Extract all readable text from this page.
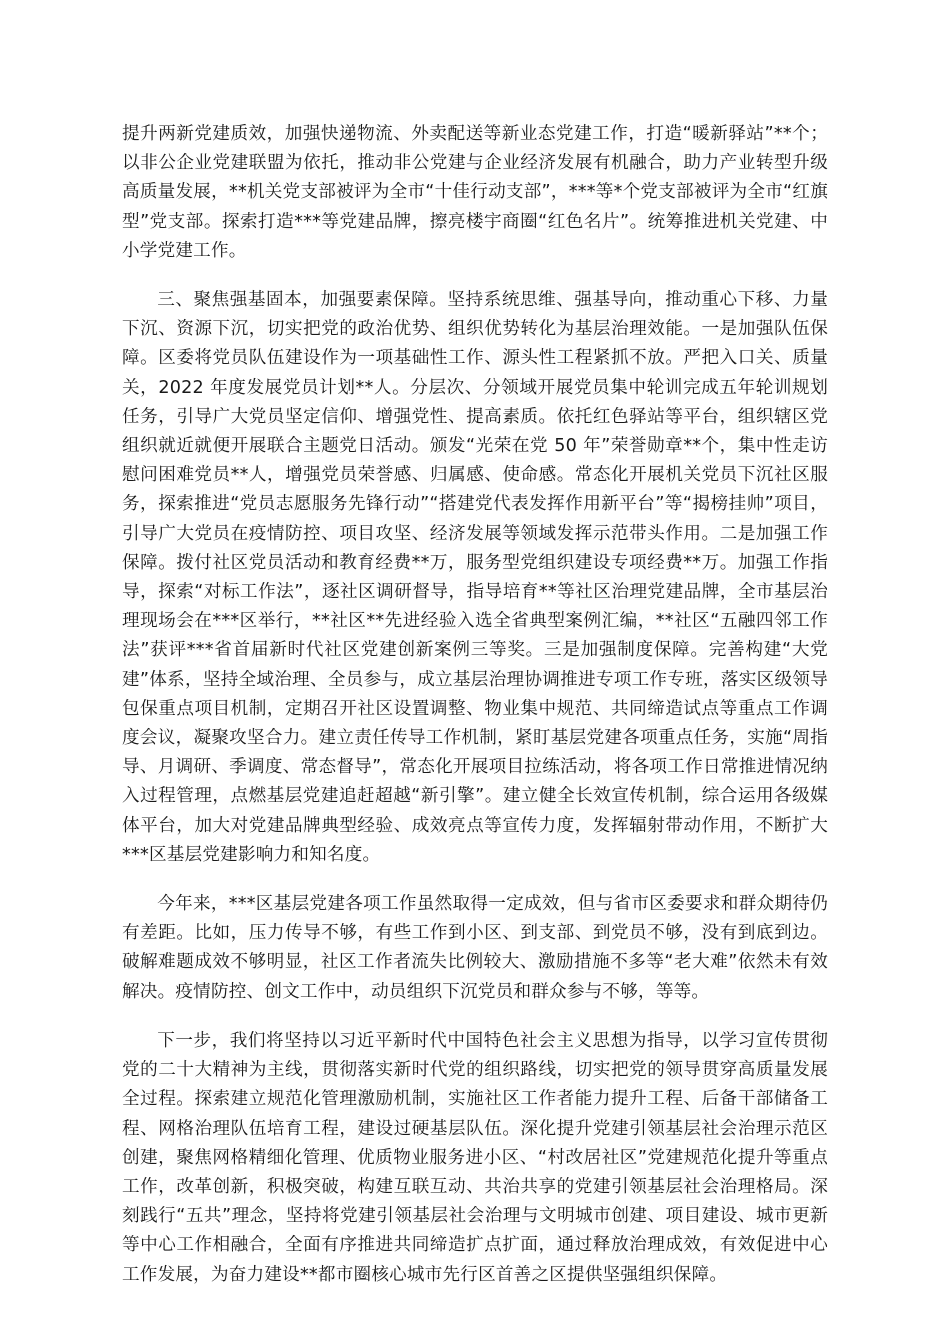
提升两新党建质效，加强快递物流、外卖配送等新业态党建工作，打造“暖新驿站”**个；以非公企业党建联盟为依托，推动非公党建与企业经济发展有机融合，助力产业转型升级高质量发展，**机关党支部被评为全市“十佳行动支部”，***等*个党支部被评为全市“红旗型”党支部。探索打造***等党建品牌，擦亮楼宇商圈“红色名片”。统筹推进机关党建、中小学党建工作。

三、聚焦强基固本，加强要素保障。坚持系统思维、强基导向，推动重心下移、力量下沉、资源下沉，切实把党的政治优势、组织优势转化为基层治理效能。一是加强队伍保障。区委将党员队伍建设作为一项基础性工作、源头性工程紧抓不放。严把入口关、质量关，2022 年度发展党员计划**人。分层次、分领域开展党员集中轮训完成五年轮训规划任务，引导广大党员坚定信仰、增强党性、提高素质。依托红色驿站等平台，组织辖区党组织就近就便开展联合主题党日活动。颁发“光荣在党 50 年”荣誉勋章**个，集中性走访慰问困难党员**人，增强党员荣誉感、归属感、使命感。常态化开展机关党员下沉社区服务，探索推进“党员志愿服务先锋行动”“搭建党代表发挥作用新平台”等“揭榜挂帅”项目，引导广大党员在疫情防控、项目攻坚、经济发展等领域发挥示范带头作用。二是加强工作保障。拨付社区党员活动和教育经费**万，服务型党组织建设专项经费**万。加强工作指导，探索“对标工作法”，逐社区调研督导，指导培育**等社区治理党建品牌，全市基层治理现场会在***区举行，**社区**先进经验入选全省典型案例汇编，**社区“五融四邻工作法”获评***省首届新时代社区党建创新案例三等奖。三是加强制度保障。完善构建“大党建”体系，坚持全域治理、全员参与，成立基层治理协调推进专项工作专班，落实区级领导包保重点项目机制，定期召开社区设置调整、物业集中规范、共同缔造试点等重点工作调度会议，凝聚攻坚合力。建立责任传导工作机制，紧盯基层党建各项重点任务，实施“周指导、月调研、季调度、常态督导”，常态化开展项目拉练活动，将各项工作日常推进情况纳入过程管理，点燃基层党建追赶超越“新引擎”。建立健全长效宣传机制，综合运用各级媒体平台，加大对党建品牌典型经验、成效亮点等宣传力度，发挥辐射带动作用，不断扩大***区基层党建影响力和知名度。

今年来，***区基层党建各项工作虽然取得一定成效，但与省市区委要求和群众期待仍有差距。比如，压力传导不够，有些工作到小区、到支部、到党员不够，没有到底到边。破解难题成效不够明显，社区工作者流失比例较大、激励措施不多等“老大难”依然未有效解决。疫情防控、创文工作中，动员组织下沉党员和群众参与不够，等等。

下一步，我们将坚持以习近平新时代中国特色社会主义思想为指导，以学习宣传贯彻党的二十大精神为主线，贯彻落实新时代党的组织路线，切实把党的领导贯穿高质量发展全过程。探索建立规范化管理激励机制，实施社区工作者能力提升工程、后备干部储备工程、网格治理队伍培育工程，建设过硬基层队伍。深化提升党建引领基层社会治理示范区创建，聚焦网格精细化管理、优质物业服务进小区、“村改居社区”党建规范化提升等重点工作，改革创新，积极突破，构建互联互动、共治共享的党建引领基层社会治理格局。深刻践行“五共”理念，坚持将党建引领基层社会治理与文明城市创建、项目建设、城市更新等中心工作相融合，全面有序推进共同缔造扩点扩面，通过释放治理成效，有效促进中心工作发展，为奋力建设**都市圈核心城市先行区首善之区提供坚强组织保障。
